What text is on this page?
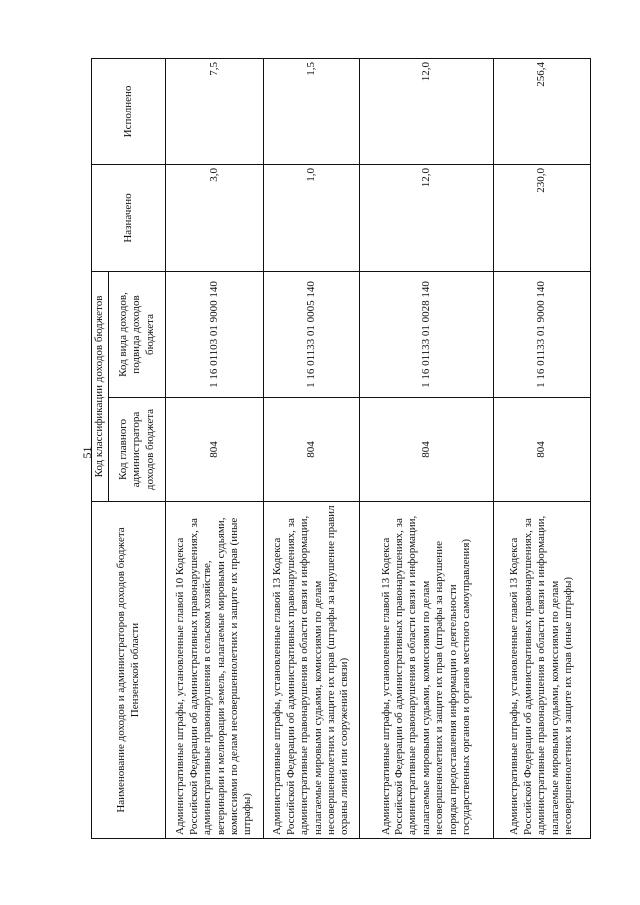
51
Наименование доходов и администраторов доходов бюджета Пензенской области	Код классификации доходов бюджетов		Назначено	Исполнено
	Код главного администратора доходов бюджета	Код вида доходов, подвида доходов бюджета		
Административные штрафы, установленные главой 10 Кодекса Российской Федерации об административных правонарушениях, за административные правонарушения в сельском хозяйстве, ветеринарии и мелиорации земель, налагаемые мировыми судьями, комиссиями по делам несовершеннолетних и защите их прав (иные штрафы)	804	1 16 01103 01 9000 140	3,0	7,5
Административные штрафы, установленные главой 13 Кодекса Российской Федерации об административных правонарушениях, за административные правонарушения в области связи и информации, налагаемые мировыми судьями, комиссиями по делам несовершеннолетних и защите их прав (штрафы за нарушение правил охраны линий или сооружений связи)	804	1 16 01133 01 0005 140	1,0	1,5
Административные штрафы, установленные главой 13 Кодекса Российской Федерации об административных правонарушениях, за административные правонарушения в области связи и информации, налагаемые мировыми судьями, комиссиями по делам несовершеннолетних и защите их прав (штрафы за нарушение порядка предоставления информации о деятельности государственных органов и органов местного самоуправления)	804	1 16 01133 01 0028 140	12,0	12,0
Административные штрафы, установленные главой 13 Кодекса Российской Федерации об административных правонарушениях, за административные правонарушения в области связи и информации, налагаемые мировыми судьями, комиссиями по делам несовершеннолетних и защите их прав (иные штрафы)	804	1 16 01133 01 9000 140	230,0	256,4
